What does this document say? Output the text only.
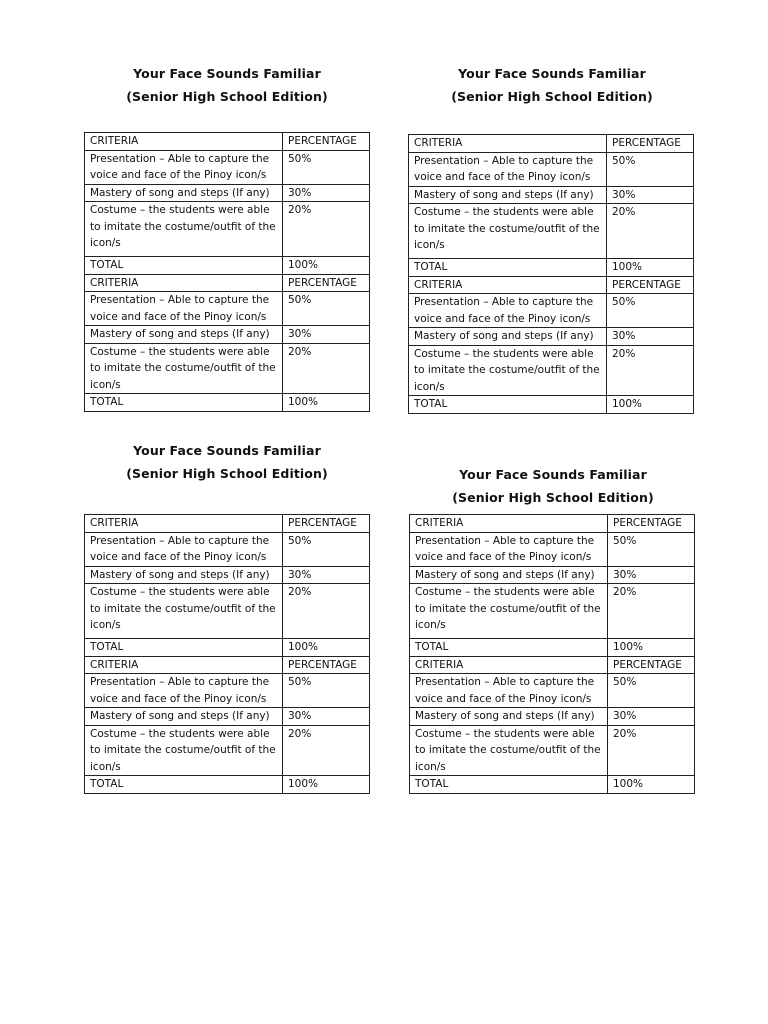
Your Face Sounds Familiar
(Senior High School Edition)
CRITERIA	PERCENTAGE
Presentation – Able to capture the voice and face of the Pinoy icon/s	50%
Mastery of song and steps (If any)	30%
Costume – the students were able to imitate the costume/outfit of the icon/s	20%
TOTAL	100%
CRITERIA	PERCENTAGE
Presentation – Able to capture the voice and face of the Pinoy icon/s	50%
Mastery of song and steps (If any)	30%
Costume – the students were able to imitate the costume/outfit of the icon/s	20%
TOTAL	100%
Your Face Sounds Familiar
(Senior High School Edition)
CRITERIA	PERCENTAGE
Presentation – Able to capture the voice and face of the Pinoy icon/s	50%
Mastery of song and steps (If any)	30%
Costume – the students were able to imitate the costume/outfit of the icon/s	20%
TOTAL	100%
CRITERIA	PERCENTAGE
Presentation – Able to capture the voice and face of the Pinoy icon/s	50%
Mastery of song and steps (If any)	30%
Costume – the students were able to imitate the costume/outfit of the icon/s	20%
TOTAL	100%
Your Face Sounds Familiar
(Senior High School Edition)
CRITERIA	PERCENTAGE
Presentation – Able to capture the voice and face of the Pinoy icon/s	50%
Mastery of song and steps (If any)	30%
Costume – the students were able to imitate the costume/outfit of the icon/s	20%
TOTAL	100%
CRITERIA	PERCENTAGE
Presentation – Able to capture the voice and face of the Pinoy icon/s	50%
Mastery of song and steps (If any)	30%
Costume – the students were able to imitate the costume/outfit of the icon/s	20%
TOTAL	100%
Your Face Sounds Familiar
(Senior High School Edition)
CRITERIA	PERCENTAGE
Presentation – Able to capture the voice and face of the Pinoy icon/s	50%
Mastery of song and steps (If any)	30%
Costume – the students were able to imitate the costume/outfit of the icon/s	20%
TOTAL	100%
CRITERIA	PERCENTAGE
Presentation – Able to capture the voice and face of the Pinoy icon/s	50%
Mastery of song and steps (If any)	30%
Costume – the students were able to imitate the costume/outfit of the icon/s	20%
TOTAL	100%
